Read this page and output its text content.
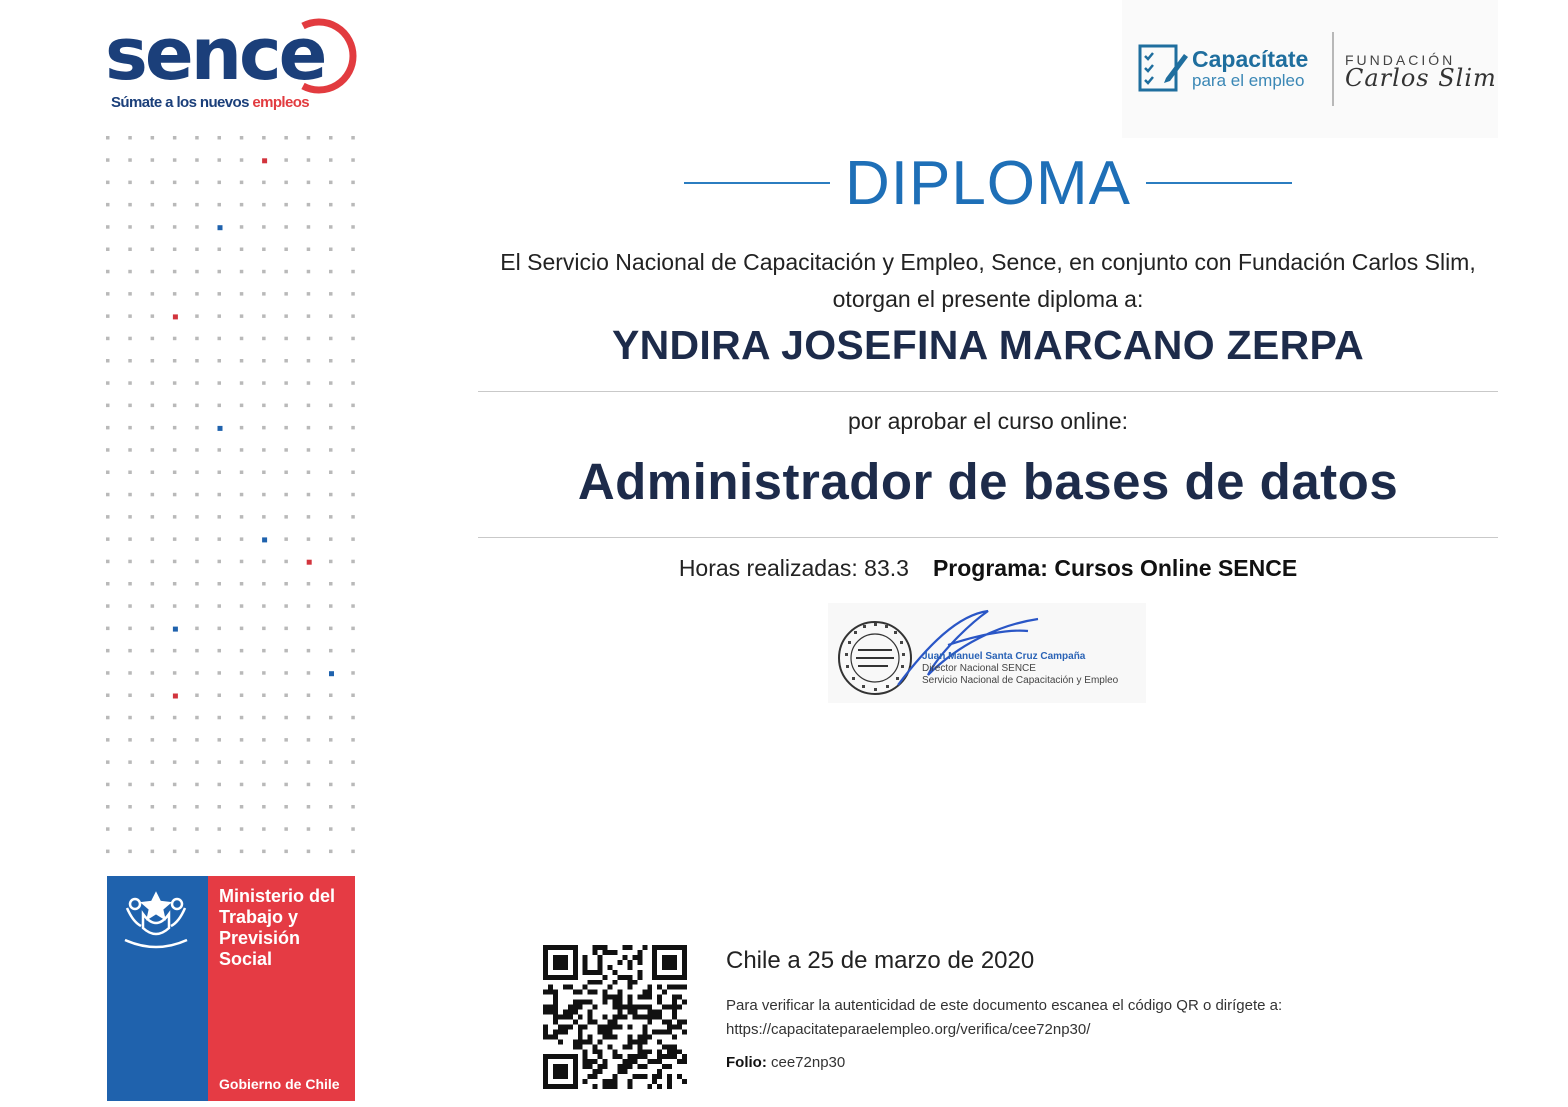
sence
Súmate a los nuevos empleos
Ministerio del Trabajo y Previsión Social
Gobierno de Chile
Capacítate
para el empleo
FUNDACIÓN
Carlos Slim
DIPLOMA
El Servicio Nacional de Capacitación y Empleo, Sence, en conjunto con Fundación Carlos Slim, otorgan el presente diploma a:
YNDIRA JOSEFINA MARCANO ZERPA
por aprobar el curso online:
Administrador de bases de datos
Horas realizadas: 83.3 Programa: Cursos Online SENCE
Juan Manuel Santa Cruz Campaña
Director Nacional SENCE
Servicio Nacional de Capacitación y Empleo
Chile a 25 de marzo de 2020
Para verificar la autenticidad de este documento escanea el código QR o dirígete a: https://capacitateparaelempleo.org/verifica/cee72np30/
Folio: cee72np30
